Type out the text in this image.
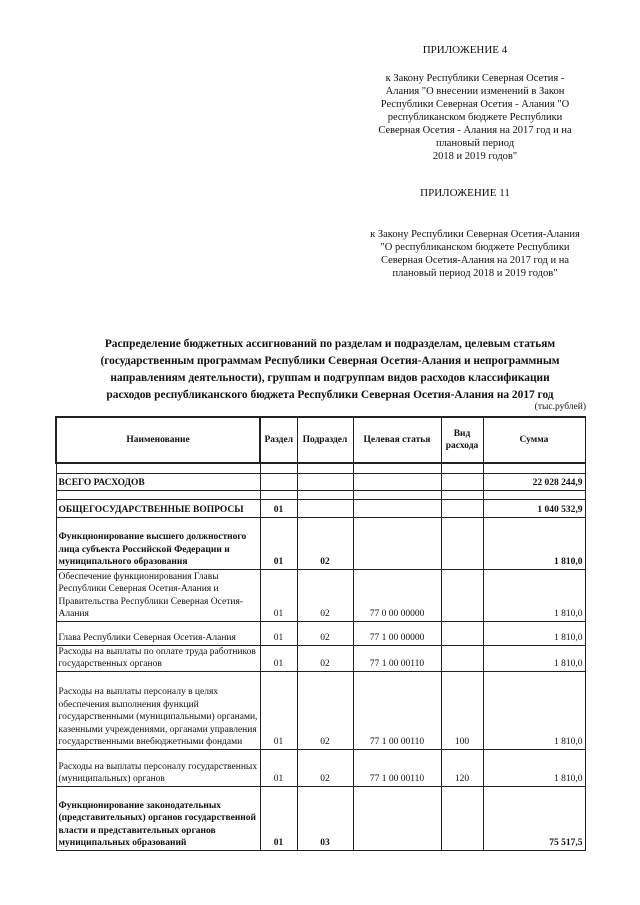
ПРИЛОЖЕНИЕ 4
к Закону Республики Северная Осетия -
Алания "О внесении изменений в Закон
Республики Северная Осетия - Алания "О
республиканском бюджете Республики
Северная Осетия - Алания на 2017 год и на
плановый период
2018 и 2019 годов"
ПРИЛОЖЕНИЕ 11
к Закону Республики Северная Осетия-Алания
"О республиканском бюджете Республики
Северная Осетия-Алания на 2017 год и на
плановый период 2018 и 2019 годов"
Распределение бюджетных ассигнований по разделам и подразделам, целевым статьям
(государственным программам Республики Северная Осетия-Алания и непрограммным
направлениям деятельности), группам и подгруппам видов расходов классификации
расходов республиканского бюджета Республики Северная Осетия-Алания на 2017 год
(тыс.рублей)
Наименование	Раздел	Подраздел	Целевая статья	Вид расхода	Сумма

ВСЕГО РАСХОДОВ					22 028 244,9

ОБЩЕГОСУДАРСТВЕННЫЕ ВОПРОСЫ	01				1 040 532,9
Функционирование высшего должностного лица субъекта Российской Федерации и муниципального образования	01	02			1 810,0
Обеспечение функционирования Главы Республики Северная Осетия-Алания и Правительства Республики Северная Осетия-Алания	01	02	77 0 00 00000		1 810,0
Глава Республики Северная Осетия-Алания	01	02	77 1 00 00000		1 810,0
Расходы на выплаты по оплате труда работников государственных органов	01	02	77 1 00 00110		1 810,0
Расходы на выплаты персоналу в целях обеспечения выполнения функций государственными (муниципальными) органами, казенными учреждениями, органами управления государственными внебюджетными фондами	01	02	77 1 00 00110	100	1 810,0
Расходы на выплаты персоналу государственных (муниципальных) органов	01	02	77 1 00 00110	120	1 810,0
Функционирование законодательных (представительных) органов государственной власти и представительных органов муниципальных образований	01	03			75 517,5
